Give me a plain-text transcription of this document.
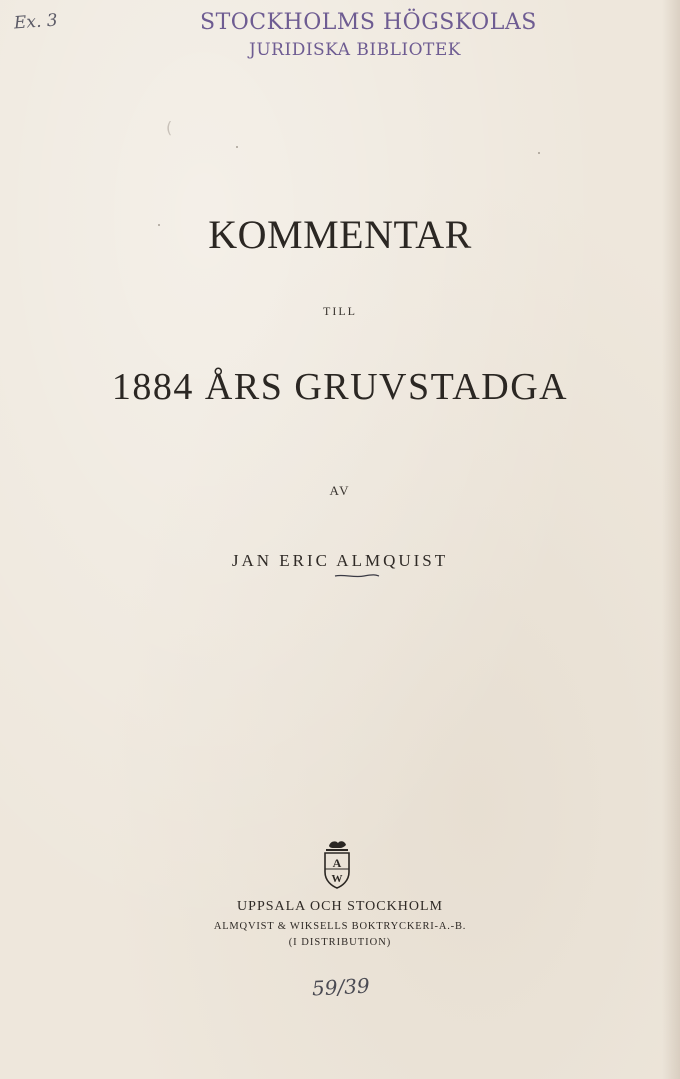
Ex. 3	STOCKHOLMS HÖGSKOLAS
JURIDISKA BIBLIOTEK
(
KOMMENTAR
TILL
1884 ÅRS GRUVSTADGA
AV
JAN ERIC ALMQUIST
A
W
UPPSALA OCH STOCKHOLM
ALMQVIST & WIKSELLS BOKTRYCKERI-A.-B.
(I DISTRIBUTION)
59/39
